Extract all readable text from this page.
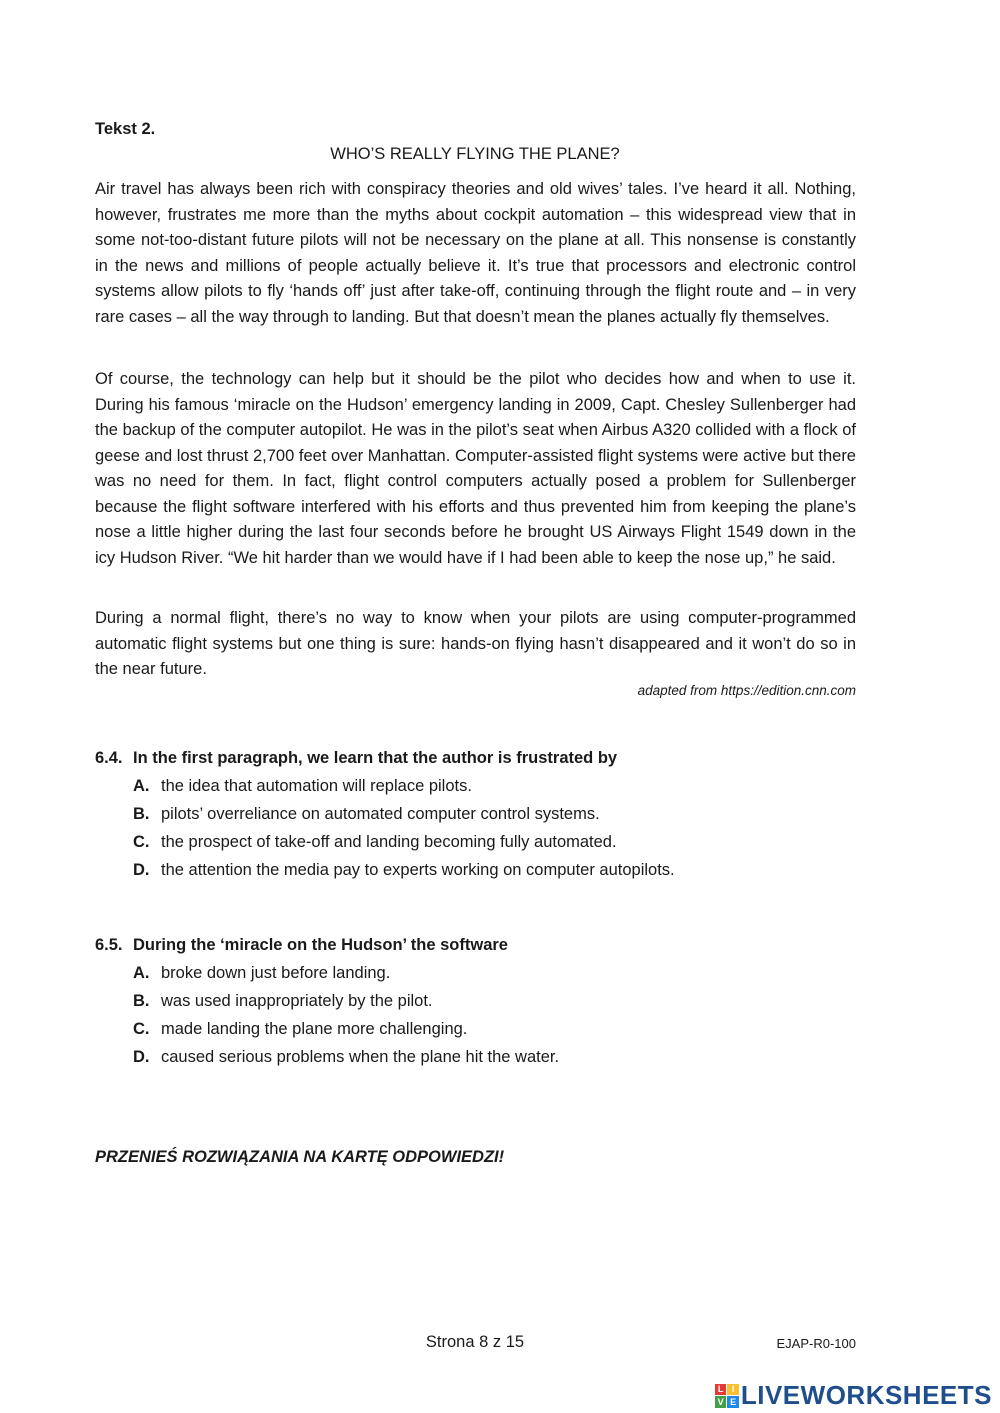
Tekst 2.
WHO’S REALLY FLYING THE PLANE?

Air travel has always been rich with conspiracy theories and old wives’ tales. I’ve heard it all. Nothing, however, frustrates me more than the myths about cockpit automation – this widespread view that in some not-too-distant future pilots will not be necessary on the plane at all. This nonsense is constantly in the news and millions of people actually believe it. It’s true that processors and electronic control systems allow pilots to fly ‘hands off’ just after take-off, continuing through the flight route and – in very rare cases – all the way through to landing. But that doesn’t mean the planes actually fly themselves.

Of course, the technology can help but it should be the pilot who decides how and when to use it. During his famous ‘miracle on the Hudson’ emergency landing in 2009, Capt. Chesley Sullenberger had the backup of the computer autopilot. He was in the pilot’s seat when Airbus A320 collided with a flock of geese and lost thrust 2,700 feet over Manhattan. Computer-assisted flight systems were active but there was no need for them. In fact, flight control computers actually posed a problem for Sullenberger because the flight software interfered with his efforts and thus prevented him from keeping the plane’s nose a little higher during the last four seconds before he brought US Airways Flight 1549 down in the icy Hudson River. “We hit harder than we would have if I had been able to keep the nose up,” he said.

During a normal flight, there’s no way to know when your pilots are using computer-programmed automatic flight systems but one thing is sure: hands-on flying hasn’t disappeared and it won’t do so in the near future.

adapted from https://edition.cnn.com
6.4. In the first paragraph, we learn that the author is frustrated by
A. the idea that automation will replace pilots.
B. pilots’ overreliance on automated computer control systems.
C. the prospect of take-off and landing becoming fully automated.
D. the attention the media pay to experts working on computer autopilots.
6.5. During the ‘miracle on the Hudson’ the software
A. broke down just before landing.
B. was used inappropriately by the pilot.
C. made landing the plane more challenging.
D. caused serious problems when the plane hit the water.
PRZENIEŚ ROZWIĄZANIA NA KARTĘ ODPOWIEDZI!
Strona 8 z 15	EJAP-R0-100
L I
V E LIVEWORKSHEETS
